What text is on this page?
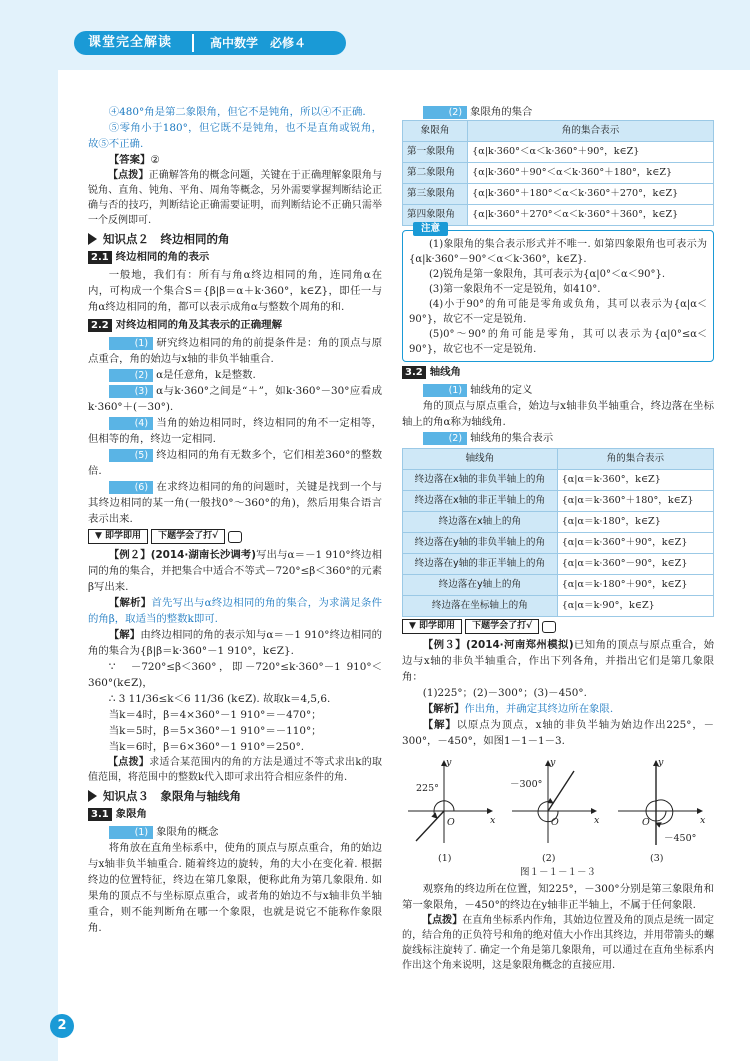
课堂完全解读	高中数学　必修４
2

④480°角是第二象限角，但它不是钝角，所以④不正确.

⑤零角小于180°，但它既不是钝角，也不是直角或锐角，故⑤不正确.

【答案】②

【点拨】正确解答角的概念问题，关键在于正确理解象限角与锐角、直角、钝角、平角、周角等概念，另外需要掌握判断结论正确与否的技巧，判断结论正确需要证明，而判断结论不正确只需举一个反例即可.

知识点２　终边相同的角
2.1 终边相同的角的表示

一般地，我们有：所有与角α终边相同的角，连同角α在内，可构成一个集合S＝{β|β＝α＋k·360°，k∈Z}，即任一与角α终边相同的角，都可以表示成角α与整数个周角的和.

2.2 对终边相同的角及其表示的正确理解

(1) 研究终边相同的角的前提条件是：角的顶点与原点重合，角的始边与x轴的非负半轴重合.

(2) α是任意角，k是整数.

(3) α与k·360°之间是“＋”，如k·360°－30°应看成k·360°＋(－30°).

(4) 当角的始边相同时，终边相同的角不一定相等，但相等的角，终边一定相同.

(5) 终边相同的角有无数多个，它们相差360°的整数倍.

(6) 在求终边相同的角的问题时，关键是找到一个与其终边相同的某一角(一般找0°～360°的角)，然后用集合语言表示出来.

▼ 即学即用	下题学会了打√

【例２】(2014·湖南长沙调考)写出与α＝－1 910°终边相同的角的集合，并把集合中适合不等式－720°≤β＜360°的元素β写出来.

【解析】首先写出与α终边相同的角的集合，为求满足条件的角β，取适当的整数k即可.

【解】由终边相同的角的表示知与α＝－1 910°终边相同的角的集合为{β|β＝k·360°－1 910°，k∈Z}.

∵　－720°≤β＜360°，即－720°≤k·360°－1 910°＜360°(k∈Z)，

∴ 3 11/36≤k＜6 11/36 (k∈Z). 故取k＝4,5,6.

当k＝4时，β＝4×360°－1 910°＝－470°；

当k＝5时，β＝5×360°－1 910°＝－110°；

当k＝6时，β＝6×360°－1 910°＝250°.

【点拨】求适合某范围内的角的方法是通过不等式求出k的取值范围，将范围中的整数k代入即可求出符合相应条件的角.

知识点３　象限角与轴线角
3.1 象限角

(1) 象限角的概念

将角放在直角坐标系中，使角的顶点与原点重合，角的始边与x轴非负半轴重合. 随着终边的旋转，角的大小在变化着. 根据终边的位置特征，终边在第几象限，便称此角为第几象限角. 如果角的顶点不与坐标原点重合，或者角的始边不与x轴非负半轴重合，则不能判断角在哪一个象限，也就是说它不能称作象限角.

(2) 象限角的集合

象限角	角的集合表示
第一象限角	{α|k·360°＜α＜k·360°＋90°，k∈Z}
第二象限角	{α|k·360°＋90°＜α＜k·360°＋180°，k∈Z}
第三象限角	{α|k·360°＋180°＜α＜k·360°＋270°，k∈Z}
第四象限角	{α|k·360°＋270°＜α＜k·360°＋360°，k∈Z}
注意

(1)象限角的集合表示形式并不唯一. 如第四象限角也可表示为{α|k·360°－90°＜α＜k·360°，k∈Z}.

(2)锐角是第一象限角，其可表示为{α|0°＜α＜90°}.

(3)第一象限角不一定是锐角，如410°.

(4)小于90°的角可能是零角或负角，其可以表示为{α|α＜90°}，故它不一定是锐角.

(5)0°～90°的角可能是零角，其可以表示为{α|0°≤α＜90°}，故它也不一定是锐角.

3.2 轴线角

(1) 轴线角的定义

角的顶点与原点重合，始边与x轴非负半轴重合，终边落在坐标轴上的角α称为轴线角.

(2) 轴线角的集合表示

轴线角	角的集合表示
终边落在x轴的非负半轴上的角	{α|α＝k·360°，k∈Z}
终边落在x轴的非正半轴上的角	{α|α＝k·360°＋180°，k∈Z}
终边落在x轴上的角	{α|α＝k·180°，k∈Z}
终边落在y轴的非负半轴上的角	{α|α＝k·360°＋90°，k∈Z}
终边落在y轴的非正半轴上的角	{α|α＝k·360°－90°，k∈Z}
终边落在y轴上的角	{α|α＝k·180°＋90°，k∈Z}
终边落在坐标轴上的角	{α|α＝k·90°，k∈Z}
▼ 即学即用	下题学会了打√

【例３】(2014·河南郑州模拟)已知角的顶点与原点重合，始边与x轴的非负半轴重合，作出下列各角，并指出它们是第几象限角：

(1)225°；(2)－300°；(3)－450°.

【解析】作出角，并确定其终边所在象限.

【解】以原点为顶点，x轴的非负半轴为始边作出225°，－300°，－450°，如图1－1－1－3.

225°
y
x
O
－300°
y
x
O
－450°
y
x
O
(1)	(2)	(3)

图１－１－１－３

观察角的终边所在位置，知225°，－300°分别是第三象限角和第一象限角，－450°的终边在y轴非正半轴上，不属于任何象限.

【点拨】在直角坐标系内作角，其始边位置及角的顶点是统一固定的，结合角的正负符号和角的绝对值大小作出其终边，并用带箭头的螺旋线标注旋转了. 确定一个角是第几象限角，可以通过在直角坐标系内作出这个角来说明，这是象限角概念的直接应用.
